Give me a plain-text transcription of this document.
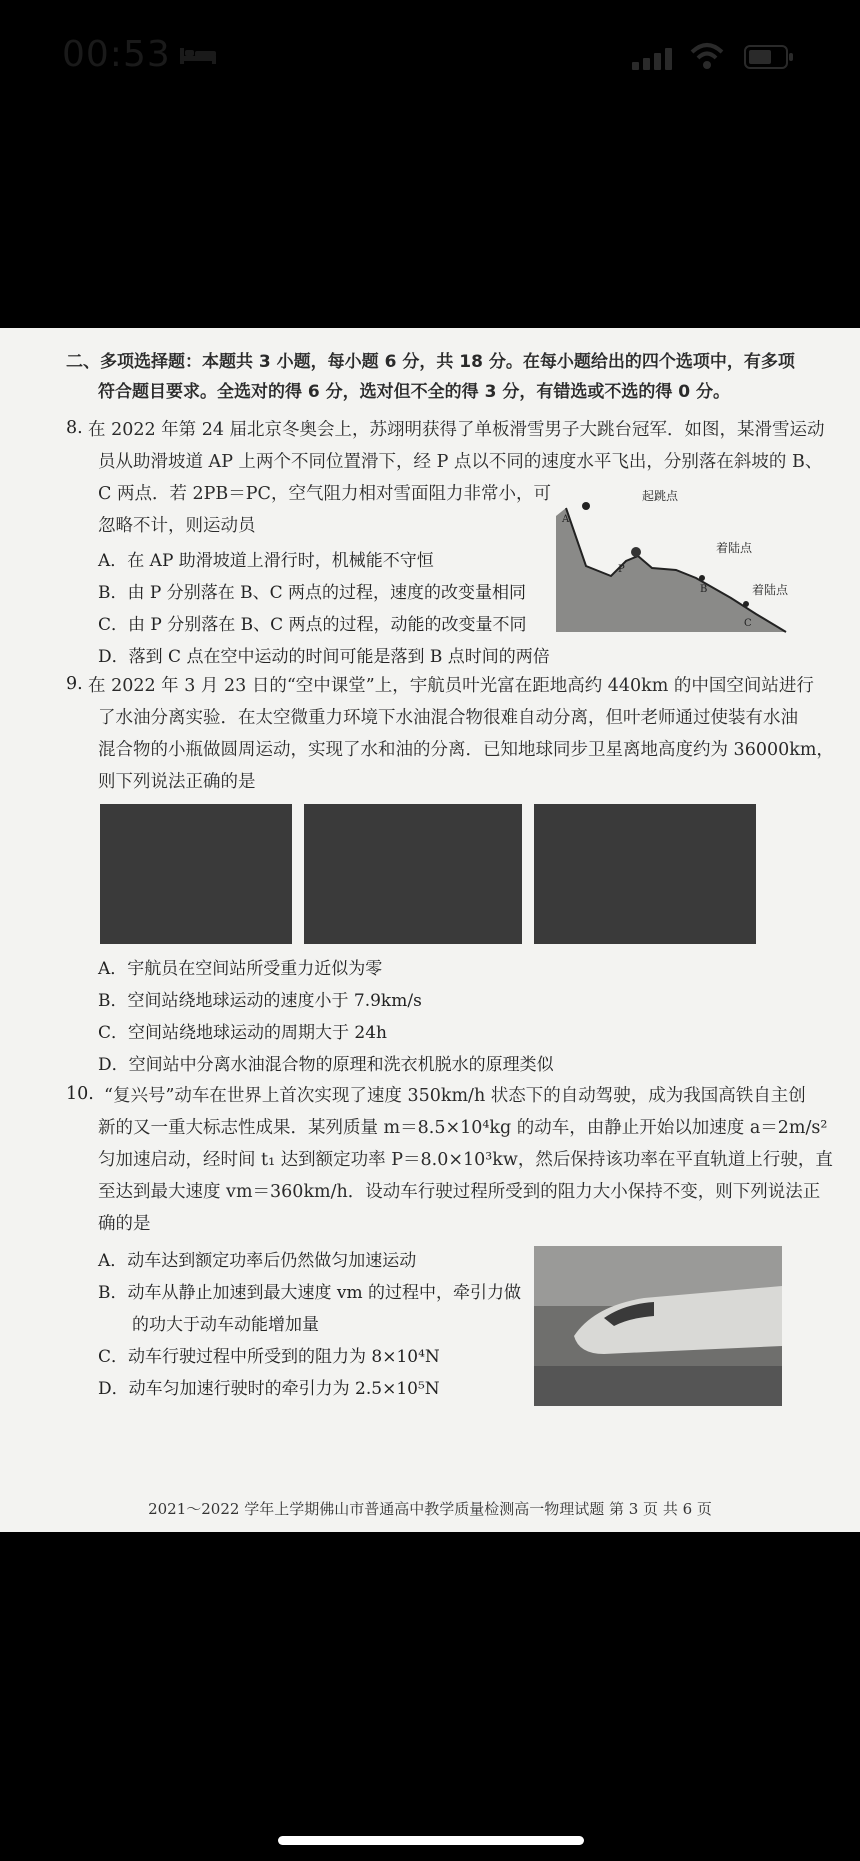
00:53
二、多项选择题：本题共 3 小题，每小题 6 分，共 18 分。在每小题给出的四个选项中，有多项
符合题目要求。全选对的得 6 分，选对但不全的得 3 分，有错选或不选的得 0 分。
8. 在 2022 年第 24 届北京冬奥会上，苏翊明获得了单板滑雪男子大跳台冠军．如图，某滑雪运动
员从助滑坡道 AP 上两个不同位置滑下，经 P 点以不同的速度水平飞出，分别落在斜坡的 B、
C 两点．若 2PB＝PC，空气阻力相对雪面阻力非常小，可
忽略不计，则运动员
A．在 AP 助滑坡道上滑行时，机械能不守恒
B．由 P 分别落在 B、C 两点的过程，速度的改变量相同
C．由 P 分别落在 B、C 两点的过程，动能的改变量不同
D．落到 C 点在空中运动的时间可能是落到 B 点时间的两倍
A
P
B
C
起跳点
着陆点
着陆点
9. 在 2022 年 3 月 23 日的“空中课堂”上，宇航员叶光富在距地高约 440km 的中国空间站进行
了水油分离实验．在太空微重力环境下水油混合物很难自动分离，但叶老师通过使装有水油
混合物的小瓶做圆周运动，实现了水和油的分离．已知地球同步卫星离地高度约为 36000km，
则下列说法正确的是
A．宇航员在空间站所受重力近似为零
B．空间站绕地球运动的速度小于 7.9km/s
C．空间站绕地球运动的周期大于 24h
D．空间站中分离水油混合物的原理和洗衣机脱水的原理类似
10. “复兴号”动车在世界上首次实现了速度 350km/h 状态下的自动驾驶，成为我国高铁自主创
新的又一重大标志性成果．某列质量 m＝8.5×10⁴kg 的动车，由静止开始以加速度 a＝2m/s²
匀加速启动，经时间 t₁ 达到额定功率 P＝8.0×10³kw，然后保持该功率在平直轨道上行驶，直
至达到最大速度 vm＝360km/h．设动车行驶过程所受到的阻力大小保持不变，则下列说法正
确的是
A．动车达到额定功率后仍然做匀加速运动
B．动车从静止加速到最大速度 vm 的过程中，牵引力做
的功大于动车动能增加量
C．动车行驶过程中所受到的阻力为 8×10⁴N
D．动车匀加速行驶时的牵引力为 2.5×10⁵N
2021～2022 学年上学期佛山市普通高中教学质量检测高一物理试题 第 3 页 共 6 页
